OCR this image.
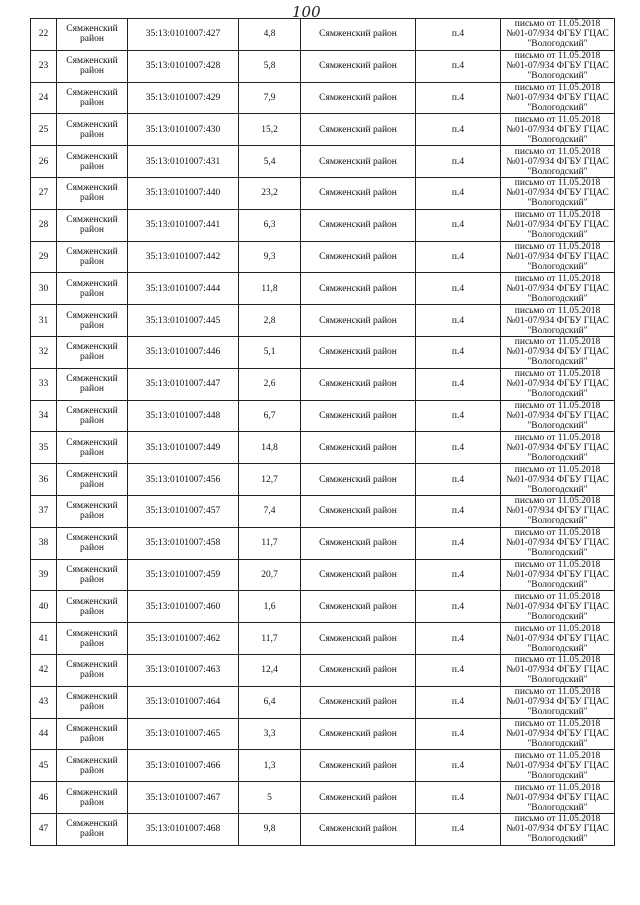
100
22	Сямженский район	35:13:0101007:427	4,8	Сямженский район	п.4	письмо от 11.05.2018
№01-07/934 ФГБУ ГЦАС
"Вологодский"

23	Сямженский район	35:13:0101007:428	5,8	Сямженский район	п.4	письмо от 11.05.2018
№01-07/934 ФГБУ ГЦАС
"Вологодский"

24	Сямженский район	35:13:0101007:429	7,9	Сямженский район	п.4	письмо от 11.05.2018
№01-07/934 ФГБУ ГЦАС
"Вологодский"

25	Сямженский район	35:13:0101007:430	15,2	Сямженский район	п.4	письмо от 11.05.2018
№01-07/934 ФГБУ ГЦАС
"Вологодский"

26	Сямженский район	35:13:0101007:431	5,4	Сямженский район	п.4	письмо от 11.05.2018
№01-07/934 ФГБУ ГЦАС
"Вологодский"

27	Сямженский район	35:13:0101007:440	23,2	Сямженский район	п.4	письмо от 11.05.2018
№01-07/934 ФГБУ ГЦАС
"Вологодский"

28	Сямженский район	35:13:0101007:441	6,3	Сямженский район	п.4	письмо от 11.05.2018
№01-07/934 ФГБУ ГЦАС
"Вологодский"

29	Сямженский район	35:13:0101007:442	9,3	Сямженский район	п.4	письмо от 11.05.2018
№01-07/934 ФГБУ ГЦАС
"Вологодский"

30	Сямженский район	35:13:0101007:444	11,8	Сямженский район	п.4	письмо от 11.05.2018
№01-07/934 ФГБУ ГЦАС
"Вологодский"

31	Сямженский район	35:13:0101007:445	2,8	Сямженский район	п.4	письмо от 11.05.2018
№01-07/934 ФГБУ ГЦАС
"Вологодский"

32	Сямженский район	35:13:0101007:446	5,1	Сямженский район	п.4	письмо от 11.05.2018
№01-07/934 ФГБУ ГЦАС
"Вологодский"

33	Сямженский район	35:13:0101007:447	2,6	Сямженский район	п.4	письмо от 11.05.2018
№01-07/934 ФГБУ ГЦАС
"Вологодский"

34	Сямженский район	35:13:0101007:448	6,7	Сямженский район	п.4	письмо от 11.05.2018
№01-07/934 ФГБУ ГЦАС
"Вологодский"

35	Сямженский район	35:13:0101007:449	14,8	Сямженский район	п.4	письмо от 11.05.2018
№01-07/934 ФГБУ ГЦАС
"Вологодский"

36	Сямженский район	35:13:0101007:456	12,7	Сямженский район	п.4	письмо от 11.05.2018
№01-07/934 ФГБУ ГЦАС
"Вологодский"

37	Сямженский район	35:13:0101007:457	7,4	Сямженский район	п.4	письмо от 11.05.2018
№01-07/934 ФГБУ ГЦАС
"Вологодский"

38	Сямженский район	35:13:0101007:458	11,7	Сямженский район	п.4	письмо от 11.05.2018
№01-07/934 ФГБУ ГЦАС
"Вологодский"

39	Сямженский район	35:13:0101007:459	20,7	Сямженский район	п.4	письмо от 11.05.2018
№01-07/934 ФГБУ ГЦАС
"Вологодский"

40	Сямженский район	35:13:0101007:460	1,6	Сямженский район	п.4	письмо от 11.05.2018
№01-07/934 ФГБУ ГЦАС
"Вологодский"

41	Сямженский район	35:13:0101007:462	11,7	Сямженский район	п.4	письмо от 11.05.2018
№01-07/934 ФГБУ ГЦАС
"Вологодский"

42	Сямженский район	35:13:0101007:463	12,4	Сямженский район	п.4	письмо от 11.05.2018
№01-07/934 ФГБУ ГЦАС
"Вологодский"

43	Сямженский район	35:13:0101007:464	6,4	Сямженский район	п.4	письмо от 11.05.2018
№01-07/934 ФГБУ ГЦАС
"Вологодский"

44	Сямженский район	35:13:0101007:465	3,3	Сямженский район	п.4	письмо от 11.05.2018
№01-07/934 ФГБУ ГЦАС
"Вологодский"

45	Сямженский район	35:13:0101007:466	1,3	Сямженский район	п.4	письмо от 11.05.2018
№01-07/934 ФГБУ ГЦАС
"Вологодский"

46	Сямженский район	35:13:0101007:467	5	Сямженский район	п.4	письмо от 11.05.2018
№01-07/934 ФГБУ ГЦАС
"Вологодский"

47	Сямженский район	35:13:0101007:468	9,8	Сямженский район	п.4	письмо от 11.05.2018
№01-07/934 ФГБУ ГЦАС
"Вологодский"
